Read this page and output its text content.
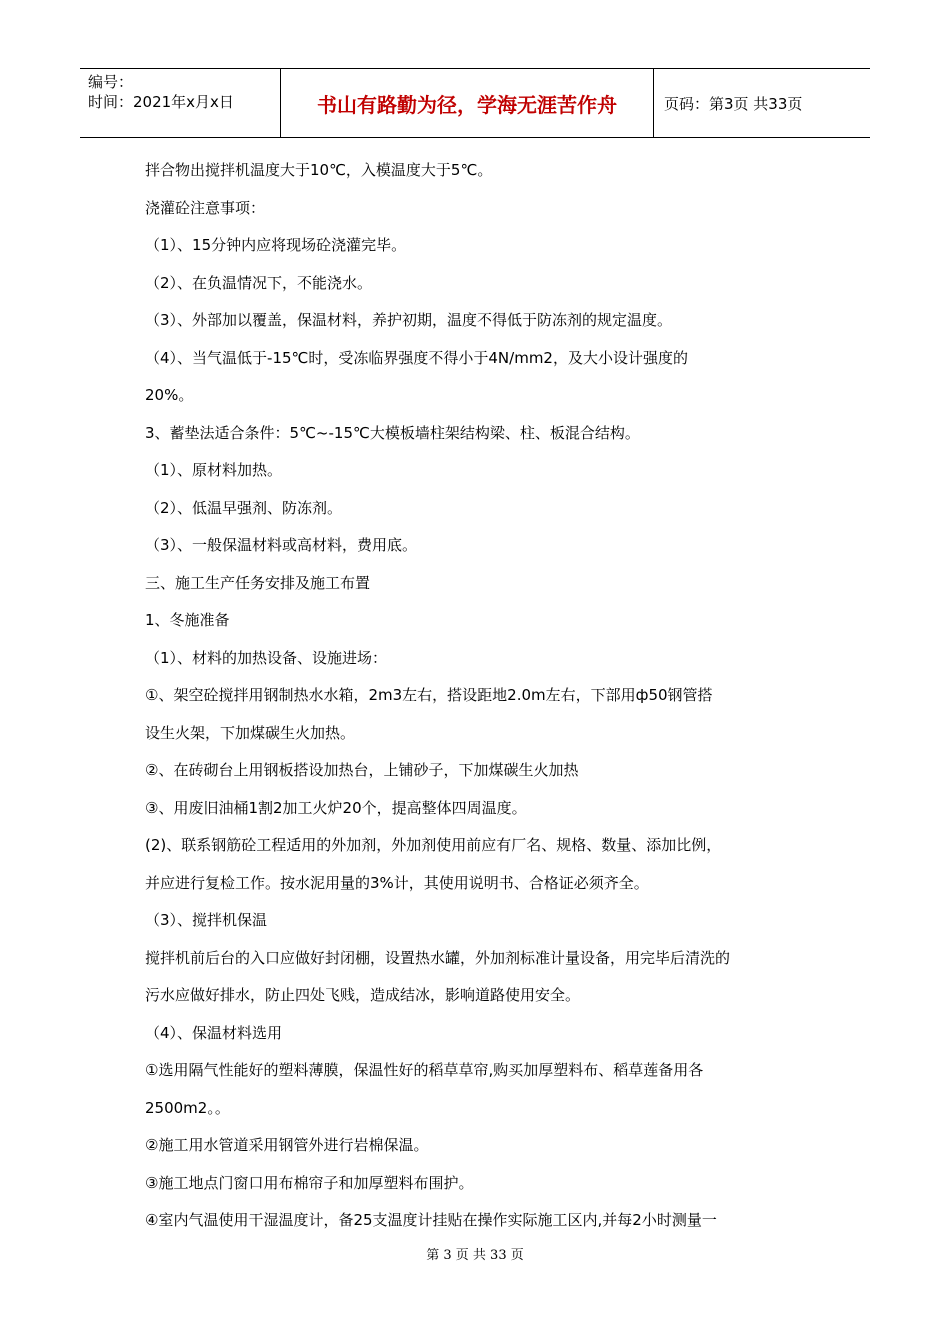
编号：
时间：2021年x月x日	书山有路勤为径，学海无涯苦作舟	页码：第3页 共33页
拌合物出搅拌机温度大于10℃，入模温度大于5℃。
浇灌砼注意事项：
（1）、15分钟内应将现场砼浇灌完毕。
（2）、在负温情况下，不能浇水。
（3）、外部加以覆盖，保温材料，养护初期，温度不得低于防冻剂的规定温度。
（4）、当气温低于-15℃时，受冻临界强度不得小于4N/mm2，及大小设计强度的
20%。
3、蓄垫法适合条件：5℃~-15℃大模板墙柱架结构梁、柱、板混合结构。
（1）、原材料加热。
（2）、低温早强剂、防冻剂。
（3）、一般保温材料或高材料，费用底。
三、施工生产任务安排及施工布置
1、冬施准备
（1）、材料的加热设备、设施进场：
①、架空砼搅拌用钢制热水水箱，2m3左右，搭设距地2.0m左右，下部用ф50钢管搭
设生火架，下加煤碳生火加热。
②、在砖砌台上用钢板搭设加热台，上铺砂子，下加煤碳生火加热
③、用废旧油桶1割2加工火炉20个，提高整体四周温度。
(2)、联系钢筋砼工程适用的外加剂，外加剂使用前应有厂名、规格、数量、添加比例，
并应进行复检工作。按水泥用量的3%计，其使用说明书、合格证必须齐全。
（3）、搅拌机保温
搅拌机前后台的入口应做好封闭棚，设置热水罐，外加剂标准计量设备，用完毕后清洗的
污水应做好排水，防止四处飞贱，造成结冰，影响道路使用安全。
（4）、保温材料选用
①选用隔气性能好的塑料薄膜，保温性好的稻草草帘,购买加厚塑料布、稻草莲备用各
2500m2。。
②施工用水管道采用钢管外进行岩棉保温。
③施工地点门窗口用布棉帘子和加厚塑料布围护。
④室内气温使用干湿温度计，备25支温度计挂贴在操作实际施工区内,并每2小时测量一
第 3 页 共 33 页
